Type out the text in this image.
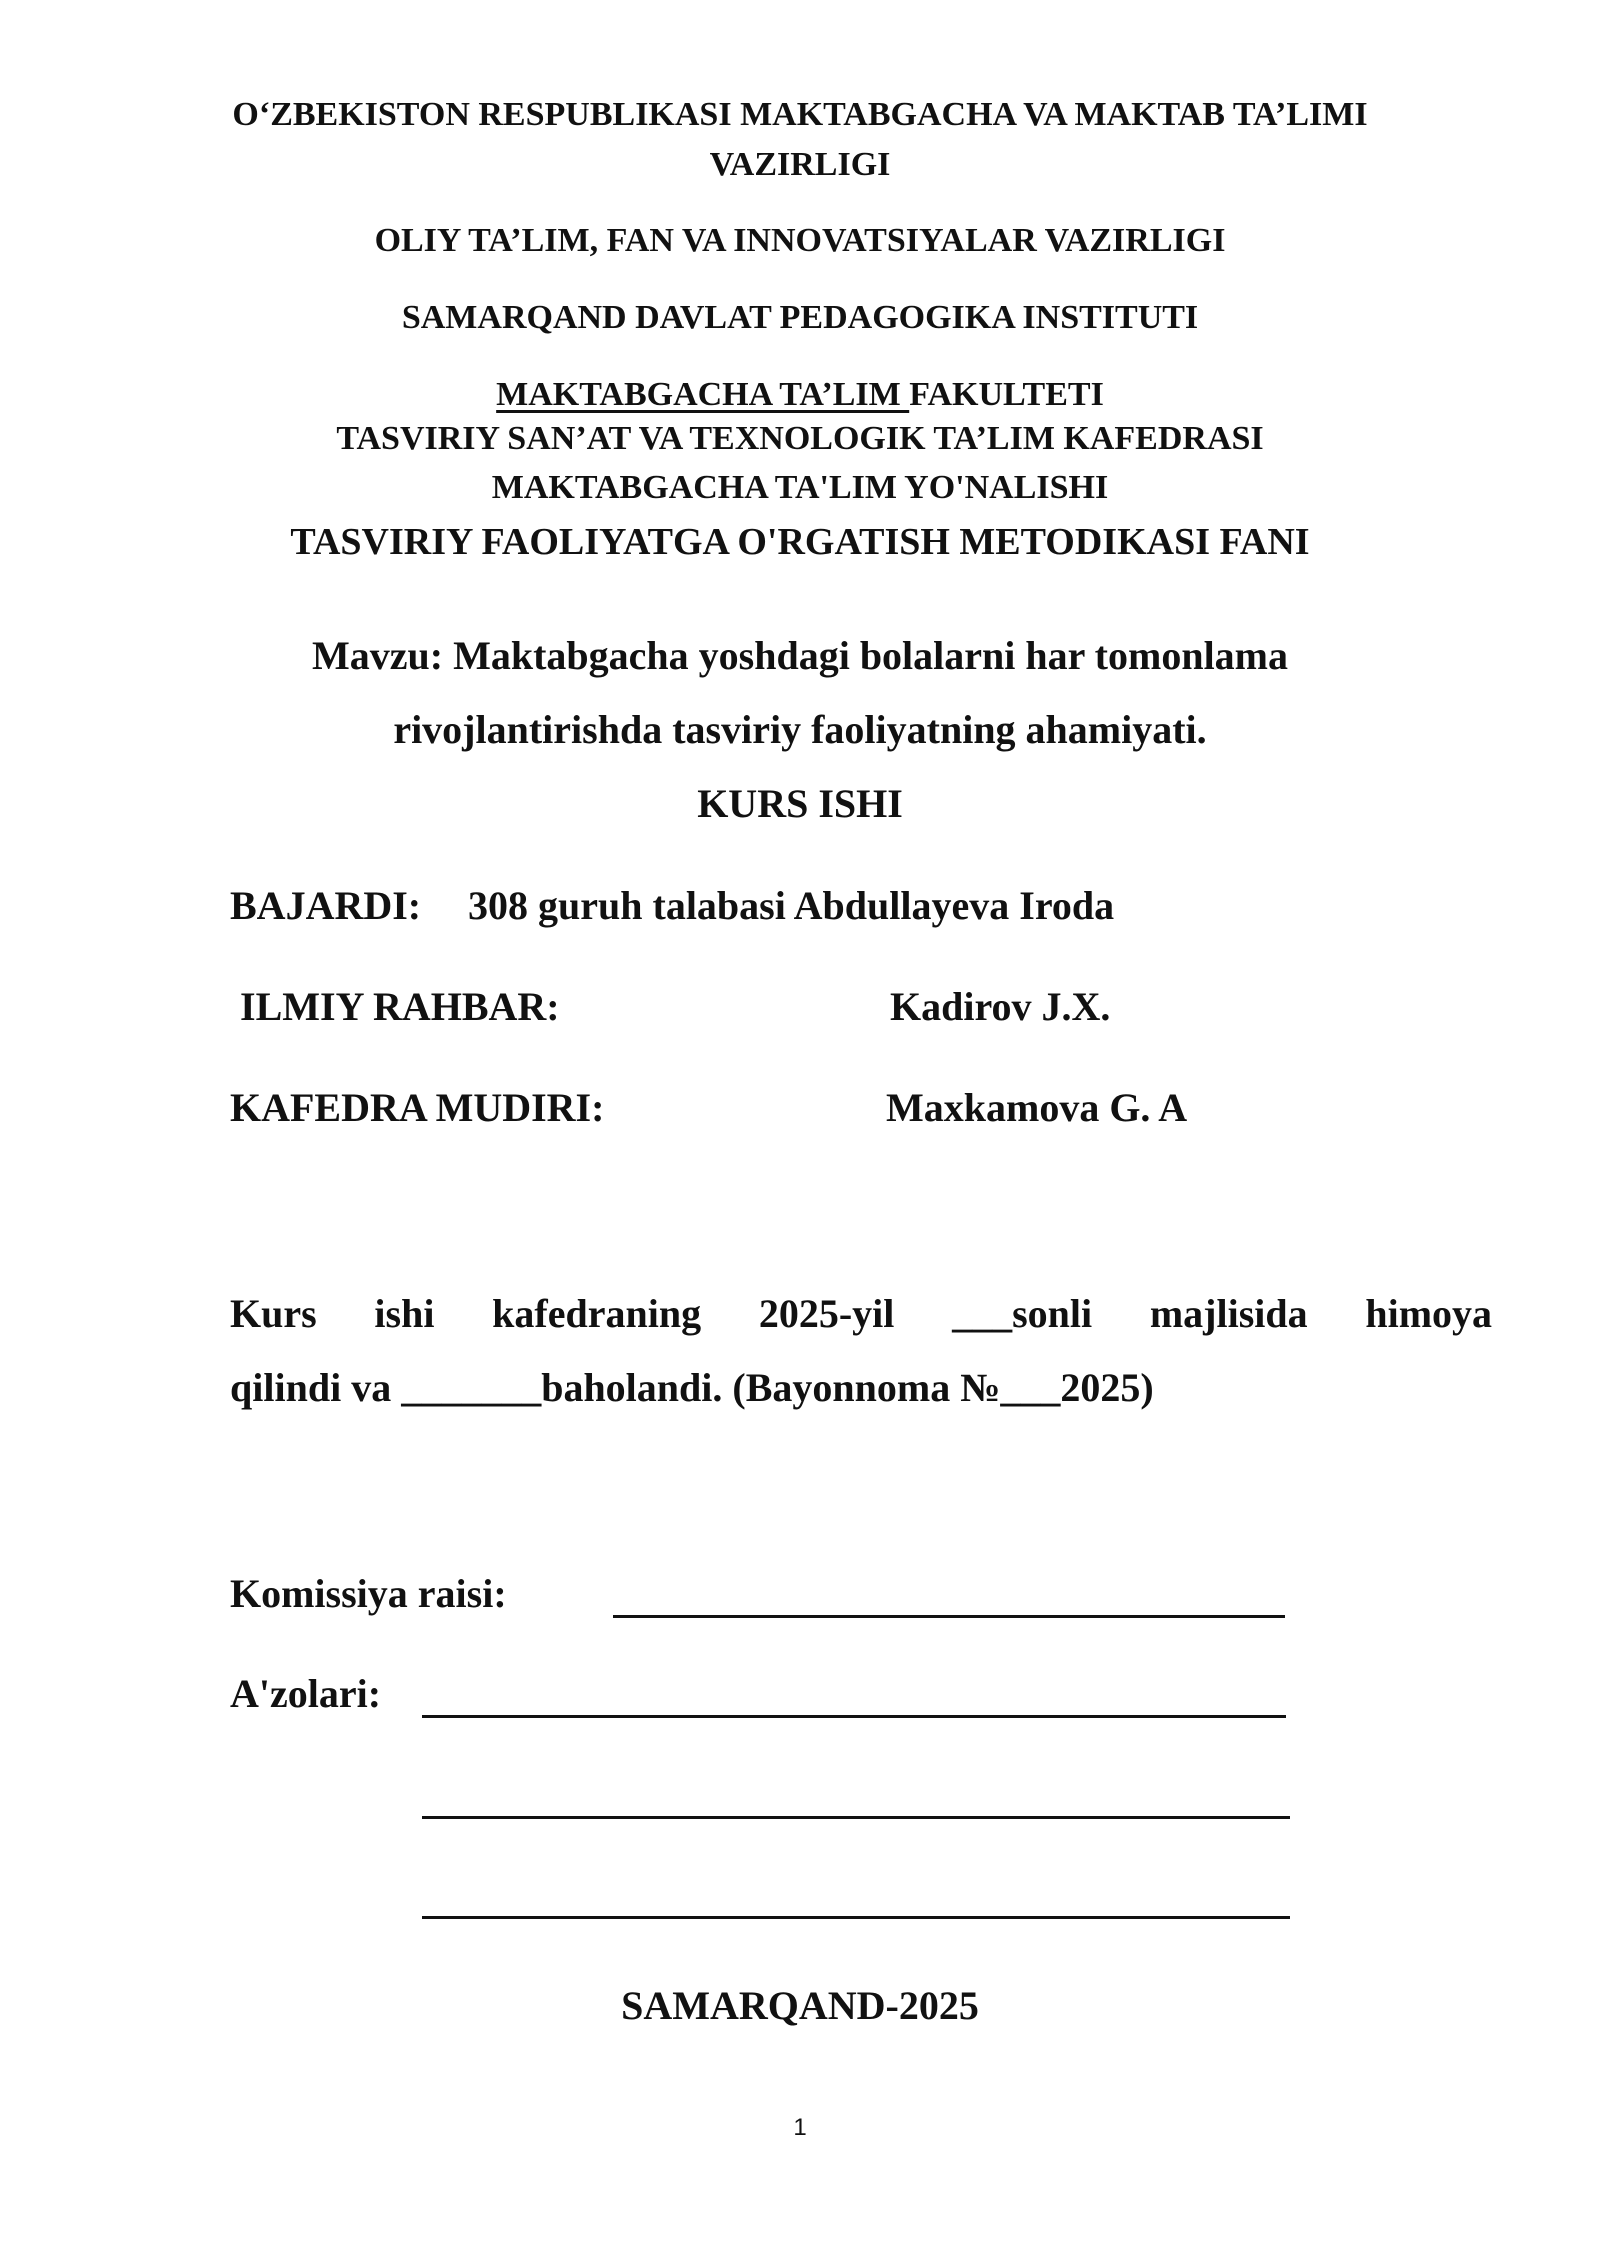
O‘ZBEKISTON RESPUBLIKASI MAKTABGACHA VA MAKTAB TA’LIMI
VAZIRLIGI
OLIY TA’LIM, FAN VA INNOVATSIYALAR VAZIRLIGI
SAMARQAND DAVLAT PEDAGOGIKA INSTITUTI
MAKTABGACHA TA’LIM FAKULTETI
TASVIRIY SAN’AT VA TEXNOLOGIK TA’LIM KAFEDRASI
MAKTABGACHA TA'LIM YO'NALISHI
TASVIRIY FAOLIYATGA O'RGATISH METODIKASI FANI
Mavzu: Maktabgacha yoshdagi bolalarni har tomonlama
rivojlantirishda tasviriy faoliyatning ahamiyati.
KURS ISHI
BAJARDI: 308 guruh talabasi Abdullayeva Iroda
ILMIY RAHBAR:	Kadirov J.X.
KAFEDRA MUDIRI:	Maxkamova G. A
Kurs ishi kafedraning 2025-yil ___sonli majlisida himoya
qilindi va _______baholandi. (Bayonnoma №___2025)
Komissiya raisi:
A'zolari:
SAMARQAND-2025
1
